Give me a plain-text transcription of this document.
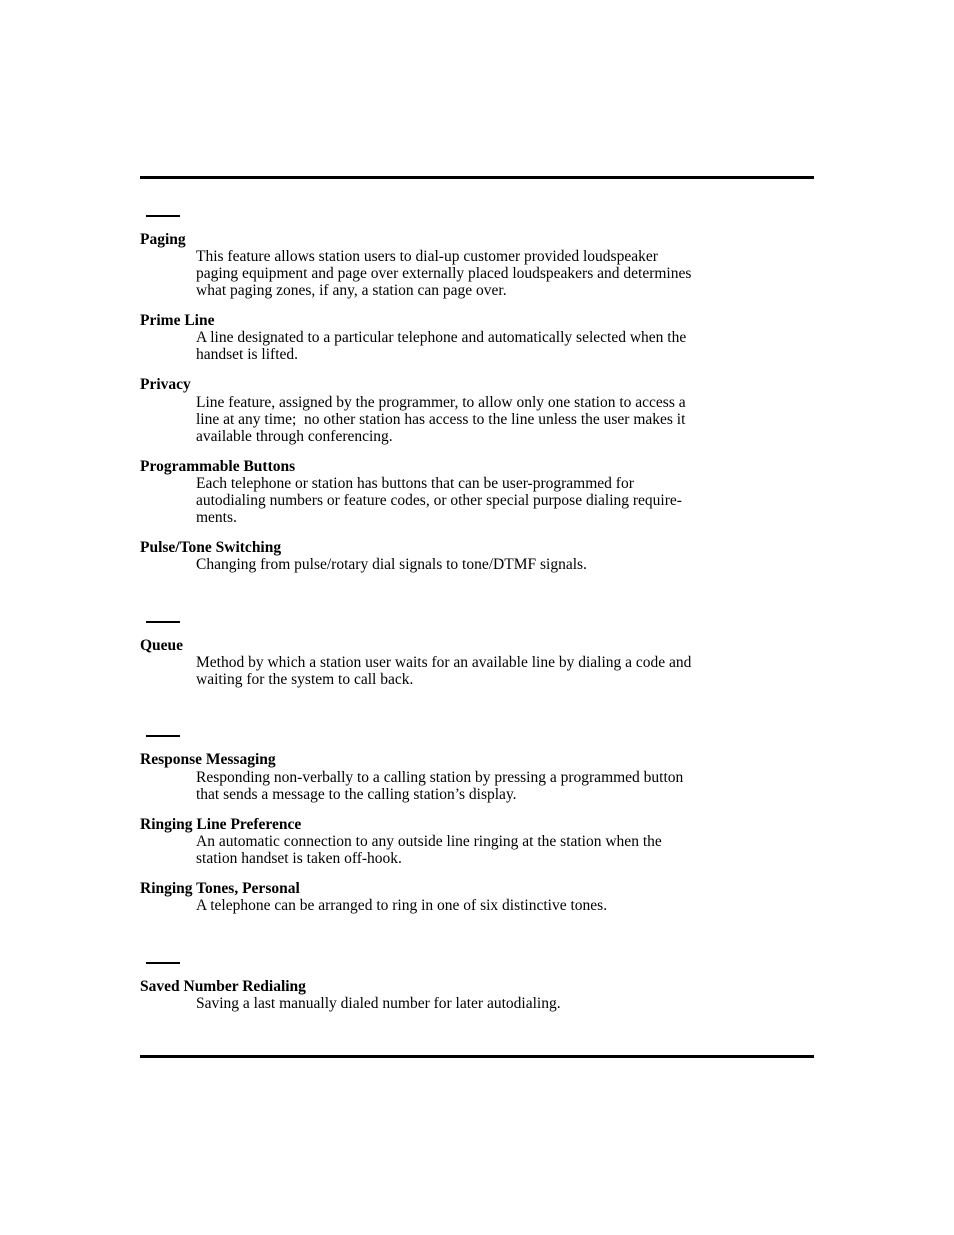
Paging
This feature allows station users to dial-up customer provided loudspeaker
paging equipment and page over externally placed loudspeakers and determines
what paging zones, if any, a station can page over.
Prime Line
A line designated to a particular telephone and automatically selected when the
handset is lifted.
Privacy
Line feature, assigned by the programmer, to allow only one station to access a
line at any time;  no other station has access to the line unless the user makes it
available through conferencing.
Programmable Buttons
Each telephone or station has buttons that can be user-programmed for
autodialing numbers or feature codes, or other special purpose dialing require-
ments.
Pulse/Tone Switching
Changing from pulse/rotary dial signals to tone/DTMF signals.
Queue
Method by which a station user waits for an available line by dialing a code and
waiting for the system to call back.
Response Messaging
Responding non-verbally to a calling station by pressing a programmed button
that sends a message to the calling station’s display.
Ringing Line Preference
An automatic connection to any outside line ringing at the station when the
station handset is taken off-hook.
Ringing Tones, Personal
A telephone can be arranged to ring in one of six distinctive tones.
Saved Number Redialing
Saving a last manually dialed number for later autodialing.
